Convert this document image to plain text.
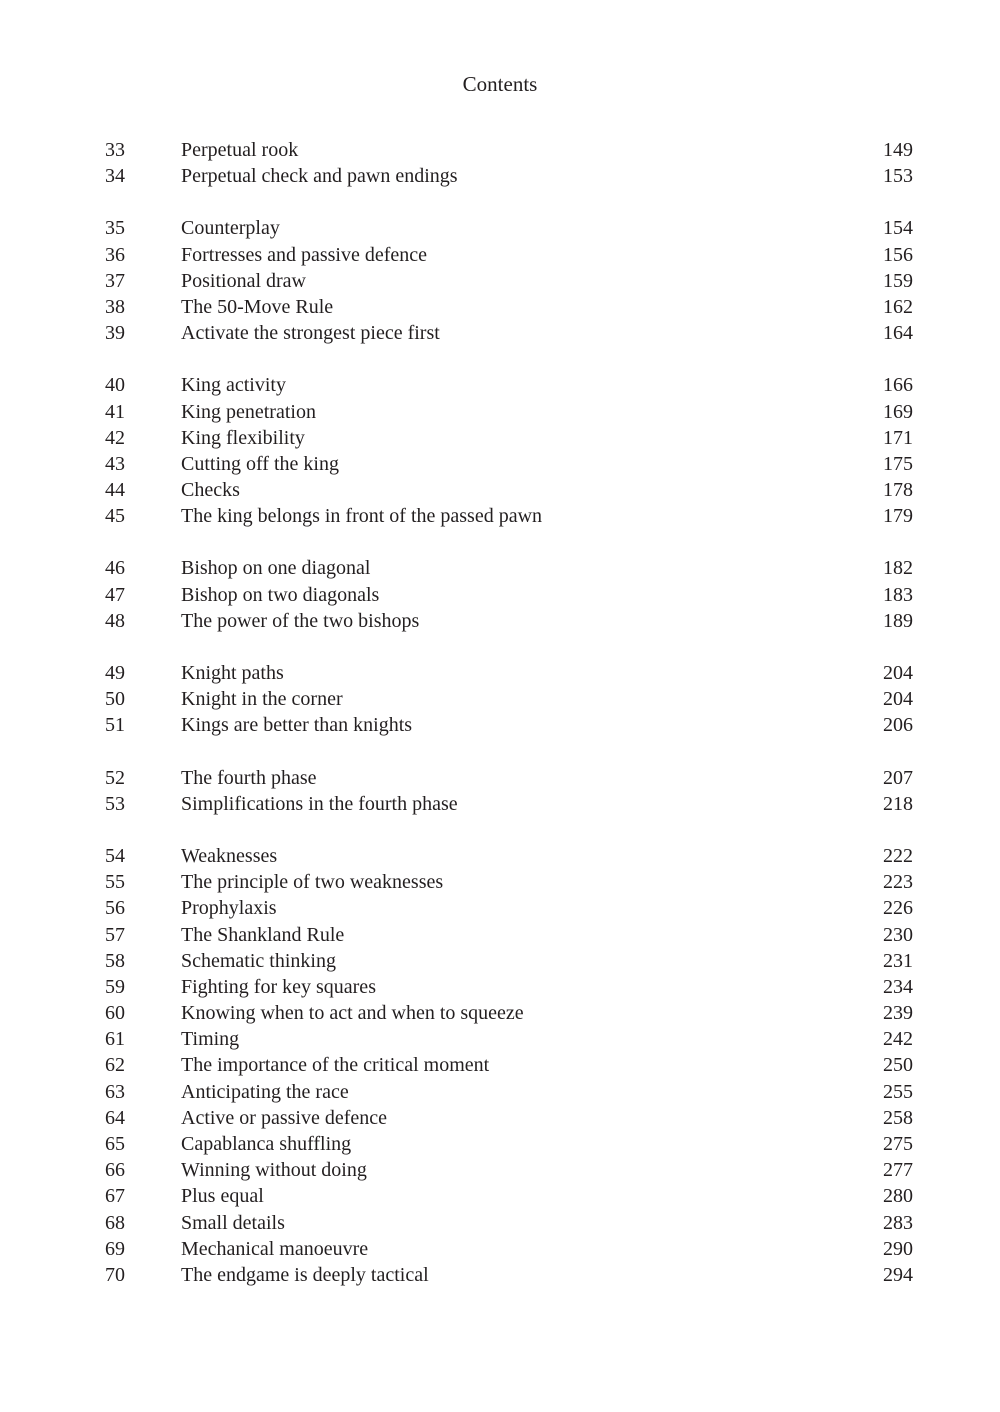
Contents
33	Perpetual rook	149
34	Perpetual check and pawn endings	153
35	Counterplay	154
36	Fortresses and passive defence	156
37	Positional draw	159
38	The 50-Move Rule	162
39	Activate the strongest piece first	164
40	King activity	166
41	King penetration	169
42	King flexibility	171
43	Cutting off the king	175
44	Checks	178
45	The king belongs in front of the passed pawn	179
46	Bishop on one diagonal	182
47	Bishop on two diagonals	183
48	The power of the two bishops	189
49	Knight paths	204
50	Knight in the corner	204
51	Kings are better than knights	206
52	The fourth phase	207
53	Simplifications in the fourth phase	218
54	Weaknesses	222
55	The principle of two weaknesses	223
56	Prophylaxis	226
57	The Shankland Rule	230
58	Schematic thinking	231
59	Fighting for key squares	234
60	Knowing when to act and when to squeeze	239
61	Timing	242
62	The importance of the critical moment	250
63	Anticipating the race	255
64	Active or passive defence	258
65	Capablanca shuffling	275
66	Winning without doing	277
67	Plus equal	280
68	Small details	283
69	Mechanical manoeuvre	290
70	The endgame is deeply tactical	294
